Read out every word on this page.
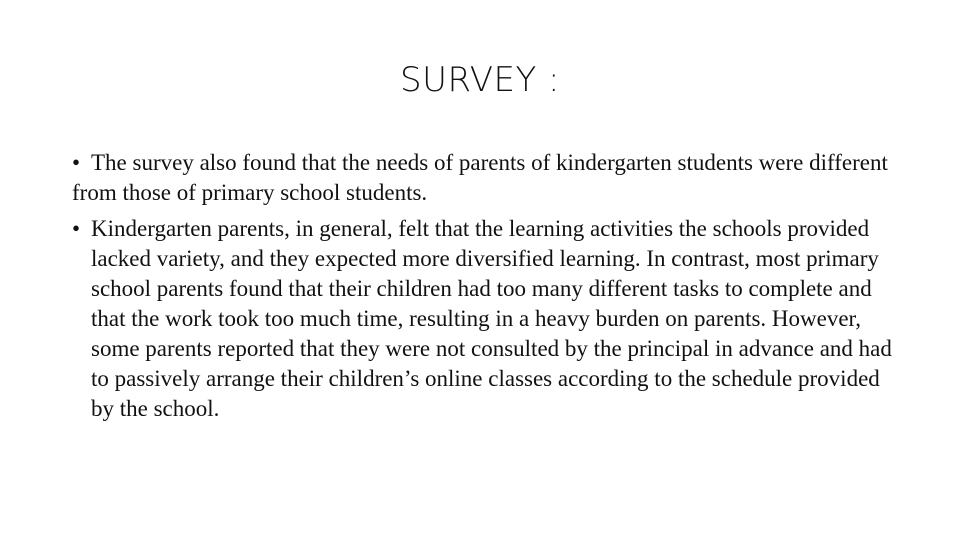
SURVEY :

• The survey also found that the needs of parents of kindergarten students were different from those of primary school students.

• Kindergarten parents, in general, felt that the learning activities the schools provided lacked variety, and they expected more diversified learning. In contrast, most primary school parents found that their children had too many different tasks to complete and that the work took too much time, resulting in a heavy burden on parents. However, some parents reported that they were not consulted by the principal in advance and had to passively arrange their children’s online classes according to the schedule provided by the school.
